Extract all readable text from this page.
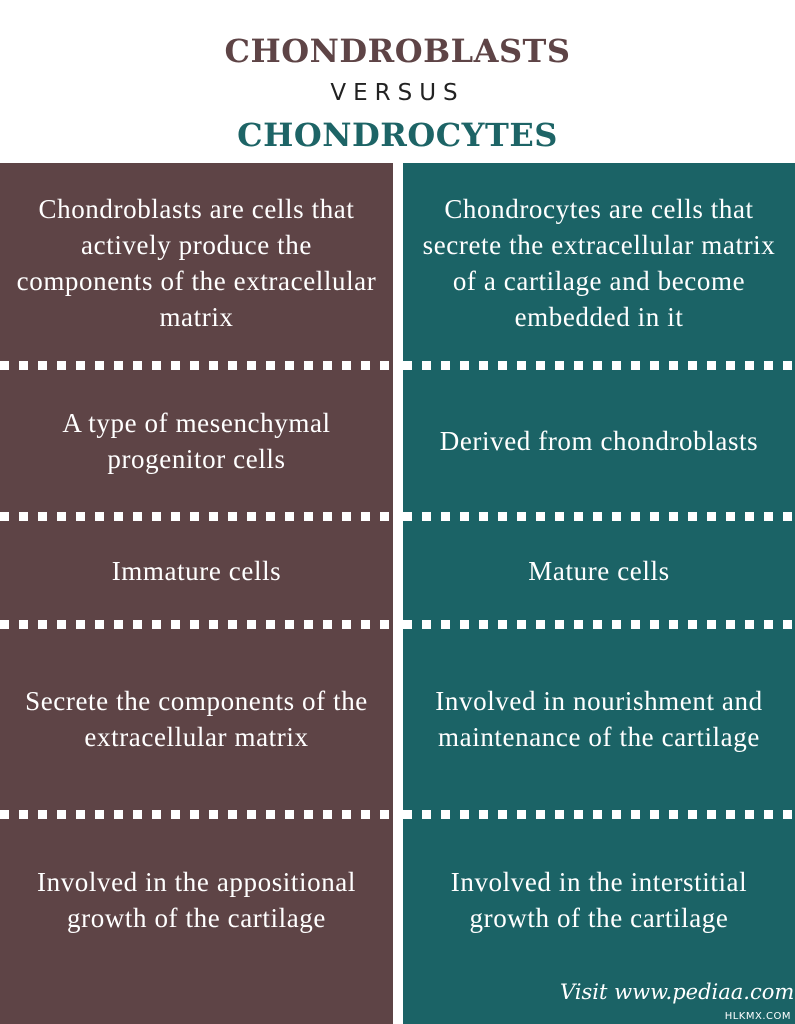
CHONDROBLASTS
VERSUS
CHONDROCYTES
Chondroblasts are cells that actively produce the components of the extracellular matrix
A type of mesenchymal progenitor cells
Immature cells
Secrete the components of the extracellular matrix
Involved in the appositional growth of the cartilage
Chondrocytes are cells that secrete the extracellular matrix of a cartilage and become embedded in it
Derived from chondroblasts
Mature cells
Involved in nourishment and maintenance of the cartilage
Involved in the interstitial growth of the cartilage
Visit www.pediaa.com
HLKMX.COM
